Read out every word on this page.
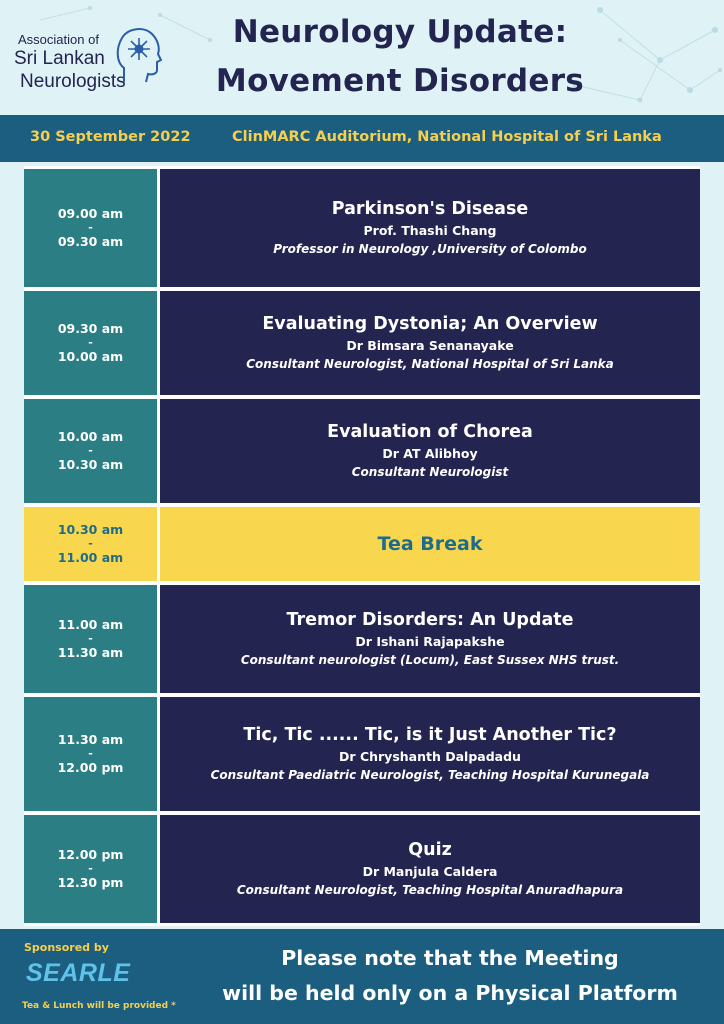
Association of
Sri Lankan
Neurologists
Neurology Update:
Movement Disorders
30 September 2022	ClinMARC Auditorium, National Hospital of Sri Lanka
09.00 am
-
09.30 am
Parkinson's Disease
Prof. Thashi Chang
Professor in Neurology ,University of Colombo
09.30 am
-
10.00 am
Evaluating Dystonia; An Overview
Dr Bimsara Senanayake
Consultant Neurologist, National Hospital of Sri Lanka
10.00 am
-
10.30 am
Evaluation of Chorea
Dr AT Alibhoy
Consultant Neurologist
10.30 am
-
11.00 am
Tea Break
11.00 am
-
11.30 am
Tremor Disorders: An Update
Dr Ishani Rajapakshe
Consultant neurologist (Locum), East Sussex NHS trust.
11.30 am
-
12.00 pm
Tic, Tic ...... Tic, is it Just Another Tic?
Dr Chryshanth Dalpadadu
Consultant Paediatric Neurologist, Teaching Hospital Kurunegala
12.00 pm
-
12.30 pm
Quiz
Dr Manjula Caldera
Consultant Neurologist, Teaching Hospital Anuradhapura
Sponsored by
SEARLE
Tea & Lunch will be provided *
Please note that the Meeting
will be held only on a Physical Platform
